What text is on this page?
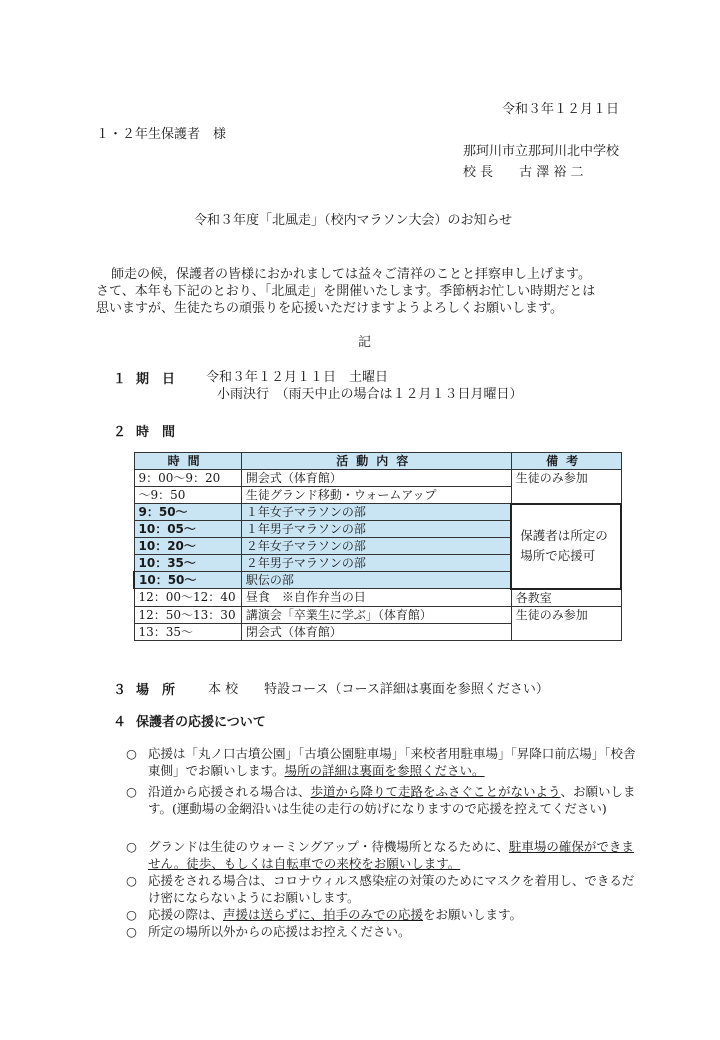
令和３年１２月１日
１・２年生保護者　様
那珂川市立那珂川北中学校
校 長　　古 澤 裕 二
令和３年度「北風走」（校内マラソン大会）のお知らせ
師走の候，保護者の皆様におかれましては益々ご清祥のことと拝察申し上げます。
さて、本年も下記のとおり、「北風走」を開催いたします。季節柄お忙しい時期だとは
思いますが、生徒たちの頑張りを応援いただけますようよろしくお願いします。
記
１ 期　日 令和３年１２月１１日　土曜日
小雨決行　（雨天中止の場合は１２月１３日月曜日）
２ 時　間
時間	活動内容	備考
9：00～9：20	開会式（体育館）	生徒のみ参加
～9：50	生徒グランド移動・ウォームアップ	
9：50～	１年女子マラソンの部	保護者は所定の場所で応援可
10：05～	１年男子マラソンの部	
10：20～	２年女子マラソンの部	
10：35～	２年男子マラソンの部	
10：50～	駅伝の部	
12：00～12：40	昼食　※自作弁当の日	各教室
12：50～13：30	講演会「卒業生に学ぶ」（体育館）	生徒のみ参加
13：35～	閉会式（体育館）	
３ 場　所	本 校　　特設コース（コース詳細は裏面を参照ください）
４ 保護者の応援について
○ 応援は「丸ノ口古墳公園」「古墳公園駐車場」「来校者用駐車場」「昇降口前広場」「校舎東側」でお願いします。場所の詳細は裏面を参照ください。
○ 沿道から応援される場合は、歩道から降りて走路をふさぐことがないよう、お願いします。(運動場の金網沿いは生徒の走行の妨げになりますので応援を控えてください)
○ グランドは生徒のウォーミングアップ・待機場所となるために、駐車場の確保ができません。徒歩、もしくは自転車での来校をお願いします。
○ 応援をされる場合は、コロナウィルス感染症の対策のためにマスクを着用し、できるだけ密にならないようにお願いします。
○ 応援の際は、声援は送らずに、拍手のみでの応援をお願いします。
○ 所定の場所以外からの応援はお控えください。
